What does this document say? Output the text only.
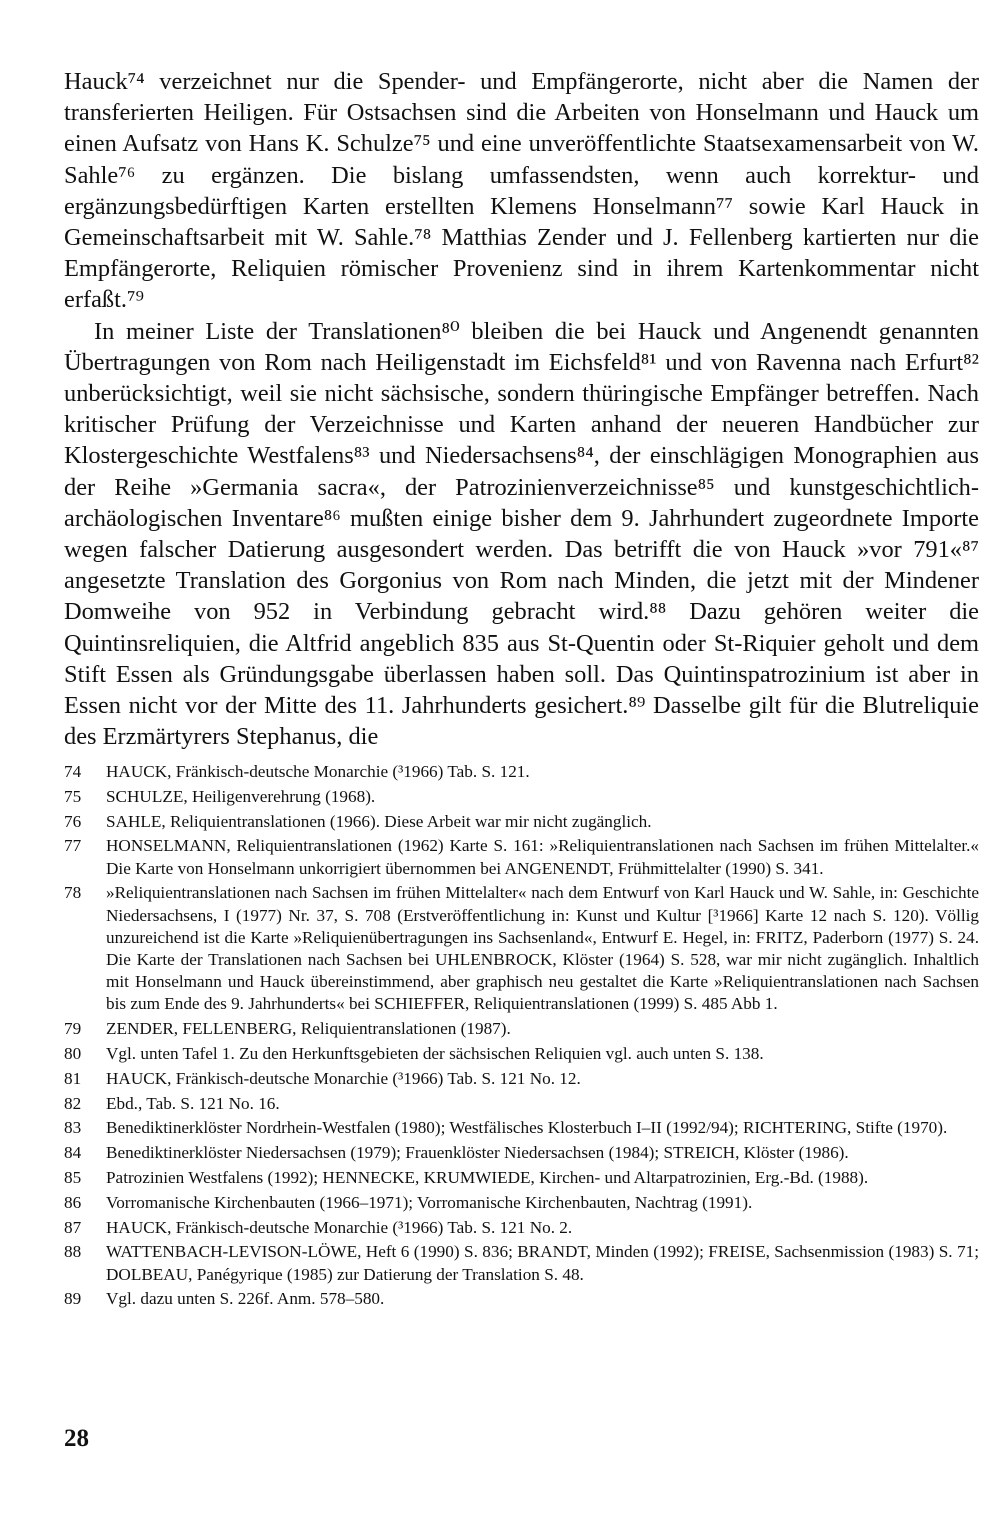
Hauck⁷⁴ verzeichnet nur die Spender- und Empfängerorte, nicht aber die Namen der transferierten Heiligen. Für Ostsachsen sind die Arbeiten von Honselmann und Hauck um einen Aufsatz von Hans K. Schulze⁷⁵ und eine unveröffentlichte Staatsexamensarbeit von W. Sahle⁷⁶ zu ergänzen. Die bislang umfassendsten, wenn auch korrektur- und ergänzungsbedürftigen Karten erstellten Klemens Honselmann⁷⁷ sowie Karl Hauck in Gemeinschaftsarbeit mit W. Sahle.⁷⁸ Matthias Zender und J. Fellenberg kartierten nur die Empfängerorte, Reliquien römischer Provenienz sind in ihrem Kartenkommentar nicht erfaßt.⁷⁹

In meiner Liste der Translationen⁸⁰ bleiben die bei Hauck und Angenendt genannten Übertragungen von Rom nach Heiligenstadt im Eichsfeld⁸¹ und von Ravenna nach Erfurt⁸² unberücksichtigt, weil sie nicht sächsische, sondern thüringische Empfänger betreffen. Nach kritischer Prüfung der Verzeichnisse und Karten anhand der neueren Handbücher zur Klostergeschichte Westfalens⁸³ und Niedersachsens⁸⁴, der einschlägigen Monographien aus der Reihe »Germania sacra«, der Patrozinienverzeichnisse⁸⁵ und kunstgeschichtlich-archäologischen Inventare⁸⁶ mußten einige bisher dem 9. Jahrhundert zugeordnete Importe wegen falscher Datierung ausgesondert werden. Das betrifft die von Hauck »vor 791«⁸⁷ angesetzte Translation des Gorgonius von Rom nach Minden, die jetzt mit der Mindener Domweihe von 952 in Verbindung gebracht wird.⁸⁸ Dazu gehören weiter die Quintinsreliquien, die Altfrid angeblich 835 aus St-Quentin oder St-Riquier geholt und dem Stift Essen als Gründungsgabe überlassen haben soll. Das Quintinspatrozinium ist aber in Essen nicht vor der Mitte des 11. Jahrhunderts gesichert.⁸⁹ Dasselbe gilt für die Blutreliquie des Erzmärtyrers Stephanus, die

74	HAUCK, Fränkisch-deutsche Monarchie (³1966) Tab. S. 121.
75	SCHULZE, Heiligenverehrung (1968).
76	SAHLE, Reliquientranslationen (1966). Diese Arbeit war mir nicht zugänglich.
77	HONSELMANN, Reliquientranslationen (1962) Karte S. 161: »Reliquientranslationen nach Sachsen im frühen Mittelalter.« Die Karte von Honselmann unkorrigiert übernommen bei ANGENENDT, Frühmittelalter (1990) S. 341.
78	»Reliquientranslationen nach Sachsen im frühen Mittelalter« nach dem Entwurf von Karl Hauck und W. Sahle, in: Geschichte Niedersachsens, I (1977) Nr. 37, S. 708 (Erstveröffentlichung in: Kunst und Kultur [³1966] Karte 12 nach S. 120). Völlig unzureichend ist die Karte »Reliquienübertragungen ins Sachsenland«, Entwurf E. Hegel, in: FRITZ, Paderborn (1977) S. 24. Die Karte der Translationen nach Sachsen bei UHLENBROCK, Klöster (1964) S. 528, war mir nicht zugänglich. Inhaltlich mit Honselmann und Hauck übereinstimmend, aber graphisch neu gestaltet die Karte »Reliquientranslationen nach Sachsen bis zum Ende des 9. Jahrhunderts« bei SCHIEFFER, Reliquientranslationen (1999) S. 485 Abb 1.
79	ZENDER, FELLENBERG, Reliquientranslationen (1987).
80	Vgl. unten Tafel 1. Zu den Herkunftsgebieten der sächsischen Reliquien vgl. auch unten S. 138.
81	HAUCK, Fränkisch-deutsche Monarchie (³1966) Tab. S. 121 No. 12.
82	Ebd., Tab. S. 121 No. 16.
83	Benediktinerklöster Nordrhein-Westfalen (1980); Westfälisches Klosterbuch I–II (1992/94); RICHTERING, Stifte (1970).
84	Benediktinerklöster Niedersachsen (1979); Frauenklöster Niedersachsen (1984); STREICH, Klöster (1986).
85	Patrozinien Westfalens (1992); HENNECKE, KRUMWIEDE, Kirchen- und Altarpatrozinien, Erg.-Bd. (1988).
86	Vorromanische Kirchenbauten (1966–1971); Vorromanische Kirchenbauten, Nachtrag (1991).
87	HAUCK, Fränkisch-deutsche Monarchie (³1966) Tab. S. 121 No. 2.
88	WATTENBACH-LEVISON-LÖWE, Heft 6 (1990) S. 836; BRANDT, Minden (1992); FREISE, Sachsenmission (1983) S. 71; DOLBEAU, Panégyrique (1985) zur Datierung der Translation S. 48.
89	Vgl. dazu unten S. 226f. Anm. 578–580.
28
